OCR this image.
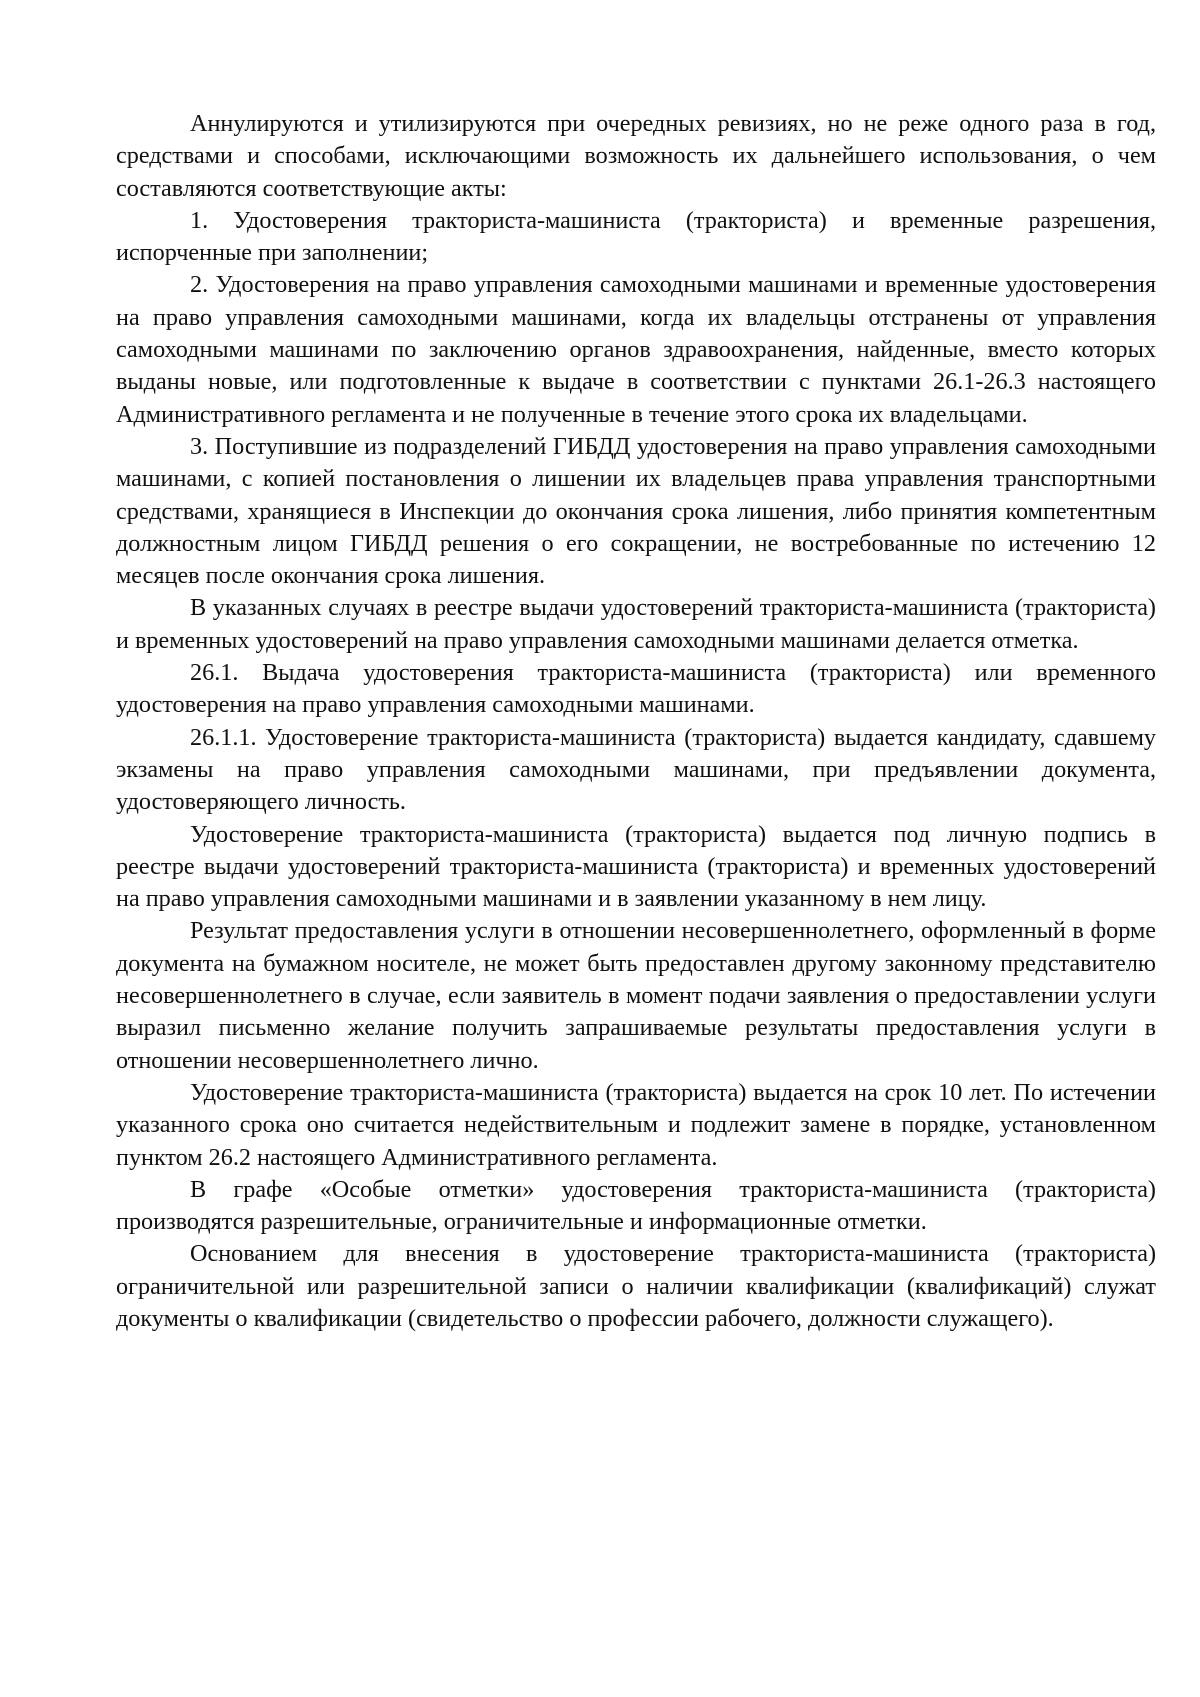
Аннулируются и утилизируются при очередных ревизиях, но не реже одного раза в год, средствами и способами, исключающими возможность их дальнейшего использования, о чем составляются соответствующие акты:

1. Удостоверения тракториста-машиниста (тракториста) и временные разрешения, испорченные при заполнении;

2. Удостоверения на право управления самоходными машинами и временные удостоверения на право управления самоходными машинами, когда их владельцы отстранены от управления самоходными машинами по заключению органов здравоохранения, найденные, вместо которых выданы новые, или подготовленные к выдаче в соответствии с пунктами 26.1-26.3 настоящего Административного регламента и не полученные в течение этого срока их владельцами.

3. Поступившие из подразделений ГИБДД удостоверения на право управления самоходными машинами, с копией постановления о лишении их владельцев права управления транспортными средствами, хранящиеся в Инспекции до окончания срока лишения, либо принятия компетентным должностным лицом ГИБДД решения о его сокращении, не востребованные по истечению 12 месяцев после окончания срока лишения.

В указанных случаях в реестре выдачи удостоверений тракториста-машиниста (тракториста) и временных удостоверений на право управления самоходными машинами делается отметка.

26.1. Выдача удостоверения тракториста-машиниста (тракториста) или временного удостоверения на право управления самоходными машинами.

26.1.1. Удостоверение тракториста-машиниста (тракториста) выдается кандидату, сдавшему экзамены на право управления самоходными машинами, при предъявлении документа, удостоверяющего личность.

Удостоверение тракториста-машиниста (тракториста) выдается под личную подпись в реестре выдачи удостоверений тракториста-машиниста (тракториста) и временных удостоверений на право управления самоходными машинами и в заявлении указанному в нем лицу.

Результат предоставления услуги в отношении несовершеннолетнего, оформленный в форме документа на бумажном носителе, не может быть предоставлен другому законному представителю несовершеннолетнего в случае, если заявитель в момент подачи заявления о предоставлении услуги выразил письменно желание получить запрашиваемые результаты предоставления услуги в отношении несовершеннолетнего лично.

Удостоверение тракториста-машиниста (тракториста) выдается на срок 10 лет. По истечении указанного срока оно считается недействительным и подлежит замене в порядке, установленном пунктом 26.2 настоящего Административного регламента.

В графе «Особые отметки» удостоверения тракториста-машиниста (тракториста) производятся разрешительные, ограничительные и информационные отметки.

Основанием для внесения в удостоверение тракториста-машиниста (тракториста) ограничительной или разрешительной записи о наличии квалификации (квалификаций) служат документы о квалификации (свидетельство о профессии рабочего, должности служащего).
